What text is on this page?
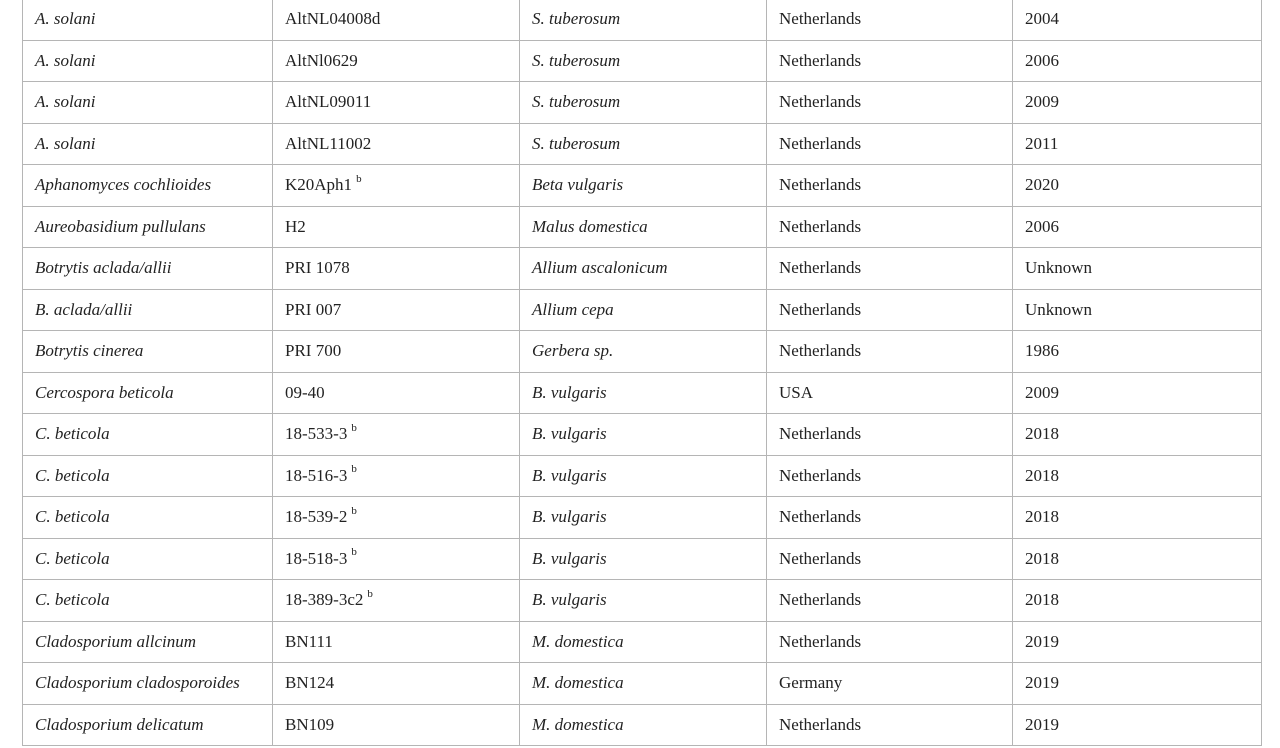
A. solani	AltNL04008d	S. tuberosum	Netherlands	2004
A. solani	AltNl0629	S. tuberosum	Netherlands	2006
A. solani	AltNL09011	S. tuberosum	Netherlands	2009
A. solani	AltNL11002	S. tuberosum	Netherlands	2011
Aphanomyces cochlioides	K20Aph1 $^b$	Beta vulgaris	Netherlands	2020
Aureobasidium pullulans	H2	Malus domestica	Netherlands	2006
Botrytis aclada/allii	PRI 1078	Allium ascalonicum	Netherlands	Unknown
B. aclada/allii	PRI 007	Allium cepa	Netherlands	Unknown
Botrytis cinerea	PRI 700	Gerbera sp.	Netherlands	1986
Cercospora beticola	09-40	B. vulgaris	USA	2009
C. beticola	18-533-3 $^b$	B. vulgaris	Netherlands	2018
C. beticola	18-516-3 $^b$	B. vulgaris	Netherlands	2018
C. beticola	18-539-2 $^b$	B. vulgaris	Netherlands	2018
C. beticola	18-518-3 $^b$	B. vulgaris	Netherlands	2018
C. beticola	18-389-3c2 $^b$	B. vulgaris	Netherlands	2018
Cladosporium allcinum	BN111	M. domestica	Netherlands	2019
Cladosporium cladosporoides	BN124	M. domestica	Germany	2019
Cladosporium delicatum	BN109	M. domestica	Netherlands	2019
